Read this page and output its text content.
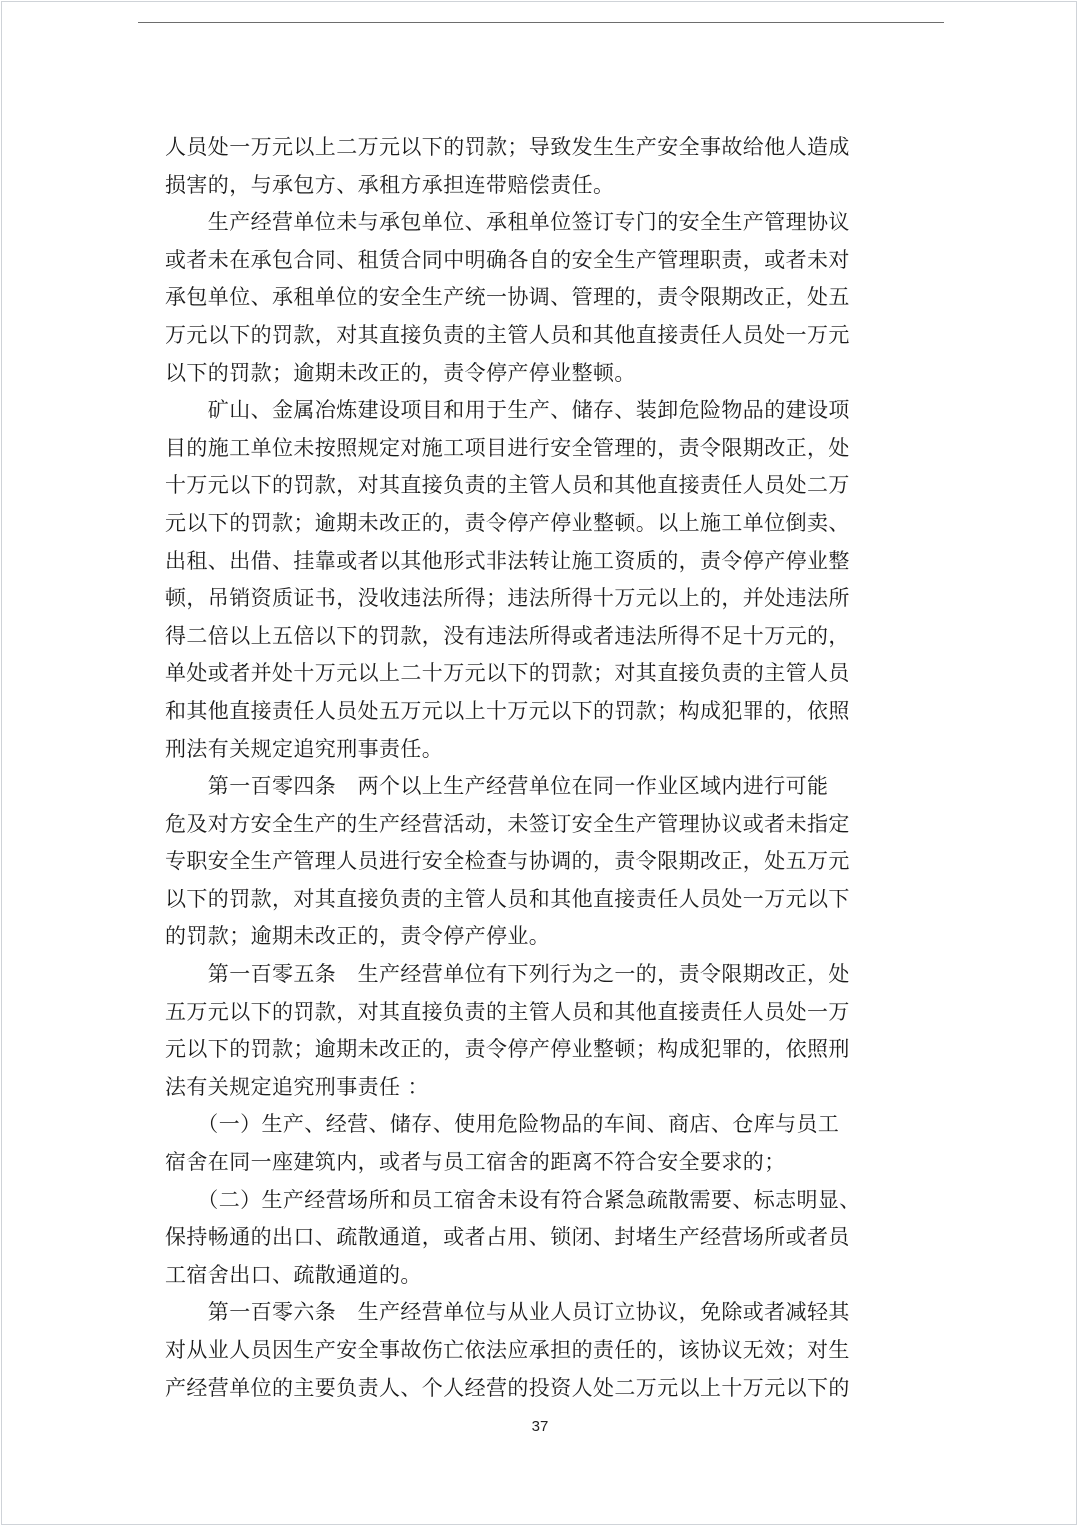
人员处一万元以上二万元以下的罚款；导致发生生产安全事故给他人造成
损害的，与承包方、承租方承担连带赔偿责任。
　　生产经营单位未与承包单位、承租单位签订专门的安全生产管理协议
或者未在承包合同、租赁合同中明确各自的安全生产管理职责，或者未对
承包单位、承租单位的安全生产统一协调、管理的，责令限期改正，处五
万元以下的罚款，对其直接负责的主管人员和其他直接责任人员处一万元
以下的罚款；逾期未改正的，责令停产停业整顿。
　　矿山、金属冶炼建设项目和用于生产、储存、装卸危险物品的建设项
目的施工单位未按照规定对施工项目进行安全管理的，责令限期改正，处
十万元以下的罚款，对其直接负责的主管人员和其他直接责任人员处二万
元以下的罚款；逾期未改正的，责令停产停业整顿。以上施工单位倒卖、
出租、出借、挂靠或者以其他形式非法转让施工资质的，责令停产停业整
顿，吊销资质证书，没收违法所得；违法所得十万元以上的，并处违法所
得二倍以上五倍以下的罚款，没有违法所得或者违法所得不足十万元的，
单处或者并处十万元以上二十万元以下的罚款；对其直接负责的主管人员
和其他直接责任人员处五万元以上十万元以下的罚款；构成犯罪的，依照
刑法有关规定追究刑事责任。
　　第一百零四条　两个以上生产经营单位在同一作业区域内进行可能
危及对方安全生产的生产经营活动，未签订安全生产管理协议或者未指定
专职安全生产管理人员进行安全检查与协调的，责令限期改正，处五万元
以下的罚款，对其直接负责的主管人员和其他直接责任人员处一万元以下
的罚款；逾期未改正的，责令停产停业。
　　第一百零五条　生产经营单位有下列行为之一的，责令限期改正，处
五万元以下的罚款，对其直接负责的主管人员和其他直接责任人员处一万
元以下的罚款；逾期未改正的，责令停产停业整顿；构成犯罪的，依照刑
法有关规定追究刑事责任 ：
　　（一）生产、经营、储存、使用危险物品的车间、商店、仓库与员工
宿舍在同一座建筑内，或者与员工宿舍的距离不符合安全要求的；
　　（二）生产经营场所和员工宿舍未设有符合紧急疏散需要、标志明显、
保持畅通的出口、疏散通道，或者占用、锁闭、封堵生产经营场所或者员
工宿舍出口、疏散通道的。
　　第一百零六条　生产经营单位与从业人员订立协议，免除或者减轻其
对从业人员因生产安全事故伤亡依法应承担的责任的，该协议无效；对生
产经营单位的主要负责人、个人经营的投资人处二万元以上十万元以下的
37
